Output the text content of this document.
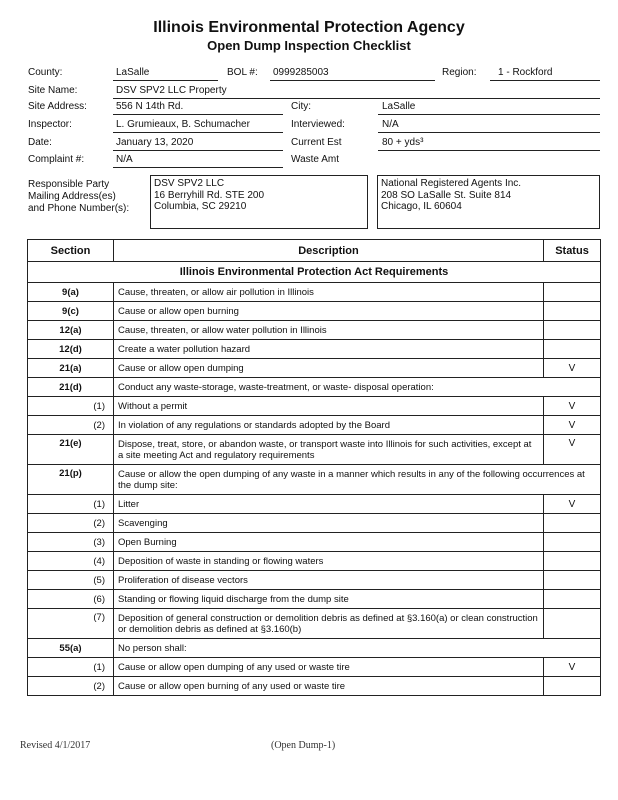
Illinois Environmental Protection Agency
Open Dump Inspection Checklist
County:	LaSalle	BOL #: 0999285003	Region: 1 - Rockford
Site Name:	DSV SPV2 LLC Property
Site Address:	556 N 14th Rd.	City:	LaSalle
Inspector:	L. Grumieaux, B. Schumacher	Interviewed:	N/A
Date:	January 13, 2020	Current Est	80 + yds³
Complaint #:	N/A	Waste Amt
Responsible Party
Mailing Address(es)
and Phone Number(s):
DSV SPV2 LLC
16 Berryhill Rd. STE 200
Columbia, SC 29210
National Registered Agents Inc.
208 SO LaSalle St. Suite 814
Chicago, IL 60604
Section	Description	Status
Illinois Environmental Protection Act Requirements		
9(a)	Cause, threaten, or allow air pollution in Illinois	
9(c)	Cause or allow open burning	
12(a)	Cause, threaten, or allow water pollution in Illinois	
12(d)	Create a water pollution hazard	
21(a)	Cause or allow open dumping	V
21(d)	Conduct any waste-storage, waste-treatment, or waste- disposal operation:	
(1)	Without a permit	V
(2)	In violation of any regulations or standards adopted by the Board	V
21(e)	Dispose, treat, store, or abandon waste, or transport waste into Illinois for such activities, except at a site meeting Act and regulatory requirements	V
21(p)	Cause or allow the open dumping of any waste in a manner which results in any of the following occurrences at the dump site:	
(1)	Litter	V
(2)	Scavenging	
(3)	Open Burning	
(4)	Deposition of waste in standing or flowing waters	
(5)	Proliferation of disease vectors	
(6)	Standing or flowing liquid discharge from the dump site	
(7)	Deposition of general construction or demolition debris as defined at §3.160(a) or clean construction or demolition debris as defined at §3.160(b)	
55(a)	No person shall:	
(1)	Cause or allow open dumping of any used or waste tire	V
(2)	Cause or allow open burning of any used or waste tire	
Revised 4/1/2017	(Open Dump-1)
